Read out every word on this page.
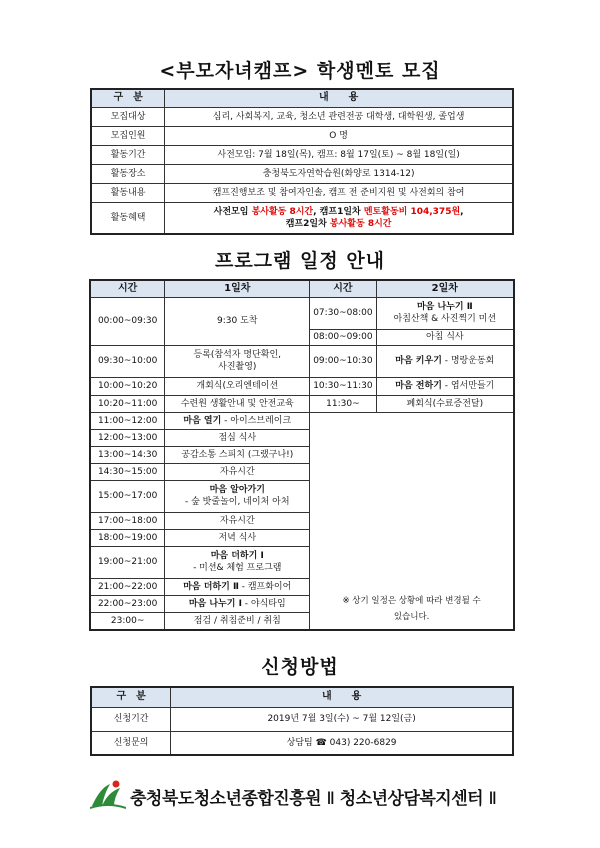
<부모자녀캠프> 학생멘토 모집
구　분	내　　용
모집대상	심리, 사회복지, 교육, 청소년 관련전공 대학생, 대학원생, 졸업생
모집인원	O 명
활동기간	사전모임: 7월 18일(목), 캠프: 8월 17일(토) ~ 8월 18일(일)
활동장소	충청북도자연학습원(화양로 1314-12)
활동내용	캠프진행보조 및 참여자인솔, 캠프 전 준비지원 및 사전회의 참여
활동혜택	사전모임 봉사활동 8시간, 캠프1일차 멘토활동비 104,375원,
캠프2일차 봉사활동 8시간
프로그램 일정 안내
시간	1일차	시간	2일차
00:00~09:30	9:30 도착	07:30~08:00	마음 나누기 Ⅱ
아침산책 & 사진찍기 미션
		08:00~09:00	아침 식사
09:30~10:00	등록(참석자 명단확인,
사진촬영)	09:00~10:30	마음 키우기 - 명랑운동회
10:00~10:20	개회식(오리엔테이션	10:30~11:30	마음 전하기 - 엽서만들기
10:20~11:00	수련원 생활안내 및 안전교육	11:30~	폐회식(수료증전달)
11:00~12:00	마음 열기 - 아이스브레이크	※ 상기 일정은 상황에 따라 변경될 수
있습니다.	
12:00~13:00	점심 식사		
13:00~14:30	공감소통 스피치 (그랬구나!)		
14:30~15:00	자유시간		
15:00~17:00	마음 알아가기
- 숲 밧줄놀이, 네이처 아처		
17:00~18:00	자유시간		
18:00~19:00	저녁 식사		
19:00~21:00	마음 더하기 Ⅰ
- 미션& 체험 프로그램		
21:00~22:00	마음 더하기 Ⅱ - 캠프화이어		
22:00~23:00	마음 나누기 Ⅰ - 야식타임		
23:00~	점검 / 취침준비 / 취침		
신청방법
구　분	내　　용
신청기간	2019년 7월 3일(수) ~ 7월 12일(금)
신청문의	상담팀 ☎ 043) 220-6829
충청북도청소년종합진흥원 ǁ 청소년상담복지센터 ǁ
